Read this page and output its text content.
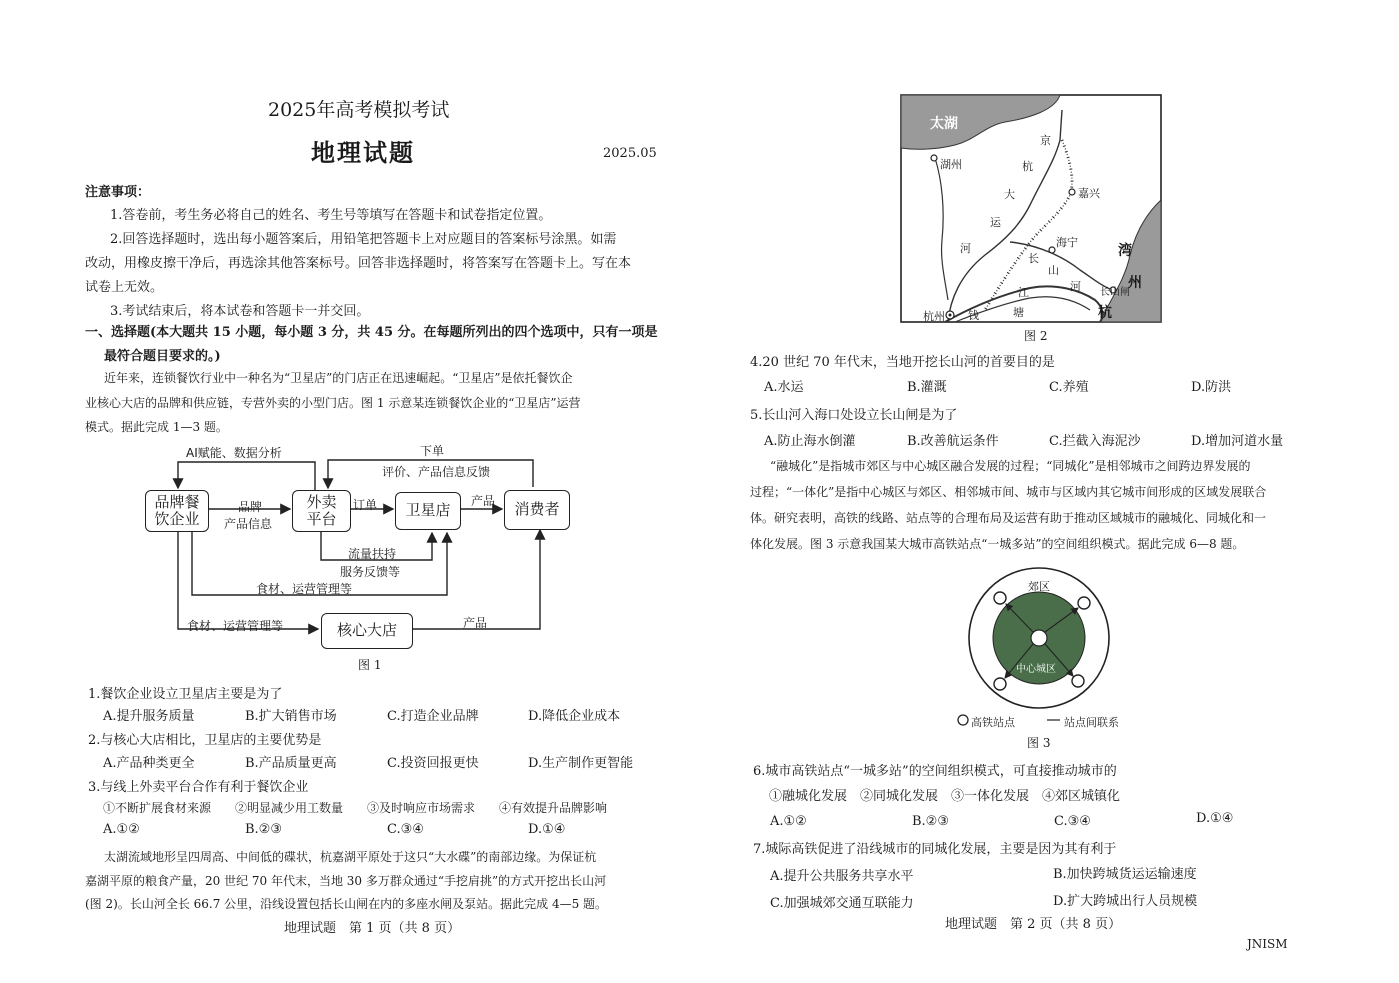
2025年高考模拟考试
地理试题	2025.05
注意事项：
1.答卷前，考生务必将自己的姓名、考生号等填写在答题卡和试卷指定位置。
2.回答选择题时，选出每小题答案后，用铅笔把答题卡上对应题目的答案标号涂黑。如需
改动，用橡皮擦干净后，再选涂其他答案标号。回答非选择题时，将答案写在答题卡上。写在本
试卷上无效。
3.考试结束后，将本试卷和答题卡一并交回。
一、选择题(本大题共 15 小题，每小题 3 分，共 45 分。在每题所列出的四个选项中，只有一项是
最符合题目要求的。)
近年来，连锁餐饮行业中一种名为“卫星店”的门店正在迅速崛起。“卫星店”是依托餐饮企
业核心大店的品牌和供应链，专营外卖的小型门店。图 1 示意某连锁餐饮企业的“卫星店”运营
模式。据此完成 1—3 题。
品牌餐
饮企业
外卖
平台	卫星店	消费者
核心大店
AI赋能、数据分析	下单
评价、产品信息反馈
品牌
产品信息
订单	产品
流量扶持
服务反馈等
食材、运营管理等
食材、运营管理等	产品
图 1
1.餐饮企业设立卫星店主要是为了
A.提升服务质量	B.扩大销售市场	C.打造企业品牌	D.降低企业成本
2.与核心大店相比，卫星店的主要优势是
A.产品种类更全	B.产品质量更高	C.投资回报更快	D.生产制作更智能
3.与线上外卖平台合作有利于餐饮企业
①不断扩展食材来源　　②明显减少用工数量　　③及时响应市场需求　　④有效提升品牌影响
A.①②	B.②③	C.③④	D.①④
太湖流域地形呈四周高、中间低的碟状，杭嘉湖平原处于这只“大水碟”的南部边缘。为保证杭
嘉湖平原的粮食产量，20 世纪 70 年代末，当地 30 多万群众通过“手挖肩挑”的方式开挖出长山河
(图 2)。长山河全长 66.7 公里，沿线设置包括长山闸在内的多座水闸及泵站。据此完成 4—5 题。
地理试题　第 1 页（共 8 页）
太湖
湖州
嘉兴
海宁
长山闸
杭州
京
杭
大
运
河
长
山
河
钱	塘
江
湾
州
杭
图 2
4.20 世纪 70 年代末，当地开挖长山河的首要目的是
A.水运	B.灌溉	C.养殖	D.防洪
5.长山河入海口处设立长山闸是为了
A.防止海水倒灌	B.改善航运条件	C.拦截入海泥沙	D.增加河道水量
“融城化”是指城市郊区与中心城区融合发展的过程；“同城化”是相邻城市之间跨边界发展的
过程；“一体化”是指中心城区与郊区、相邻城市间、城市与区域内其它城市间形成的区域发展联合
体。研究表明，高铁的线路、站点等的合理布局及运营有助于推动区域城市的融城化、同城化和一
体化发展。图 3 示意我国某大城市高铁站点“一城多站”的空间组织模式。据此完成 6—8 题。
郊区
中心城区
高铁站点	站点间联系
图 3
6.城市高铁站点“一城多站”的空间组织模式，可直接推动城市的
①融城化发展　②同城化发展　③一体化发展　④郊区城镇化
A.①②	B.②③	C.③④	D.①④
7.城际高铁促进了沿线城市的同城化发展，主要是因为其有利于
A.提升公共服务共享水平	B.加快跨城货运运输速度
C.加强城郊交通互联能力	D.扩大跨城出行人员规模
地理试题　第 2 页（共 8 页）
JNISM
